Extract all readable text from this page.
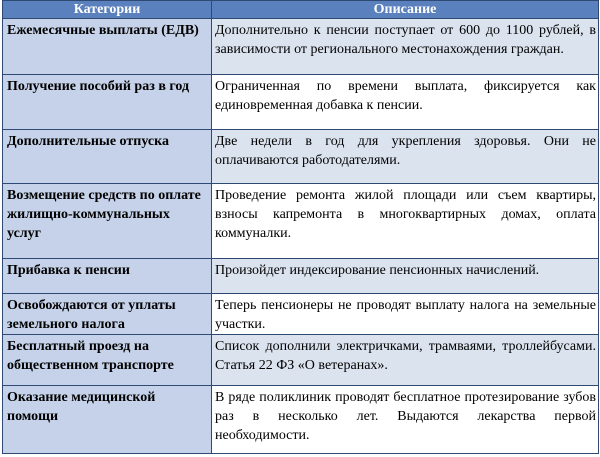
Категории	Описание
Ежемесячные выплаты (ЕДВ)	Дополнительно к пенсии поступает от 600 до 1100 рублей, в зависимости от регионального местонахождения граждан.
Получение пособий раз в год	Ограниченная по времени выплата, фиксируется как единовременная добавка к пенсии.
Дополнительные отпуска	Две недели в год для укрепления здоровья. Они не оплачиваются работодателями.
Возмещение средств по оплате жилищно-коммунальных услуг	Проведение ремонта жилой площади или съем квартиры, взносы капремонта в многоквартирных домах, оплата коммуналки.
Прибавка к пенсии	Произойдет индексирование пенсионных начислений.
Освобождаются от уплаты земельного налога	Теперь пенсионеры не проводят выплату налога на земельные участки.
Бесплатный проезд на общественном транспорте	Список дополнили электричками, трамваями, троллейбусами. Статья 22 ФЗ «О ветеранах».
Оказание медицинской помощи	В ряде поликлиник проводят бесплатное протезирование зубов раз в несколько лет. Выдаются лекарства первой необходимости.
